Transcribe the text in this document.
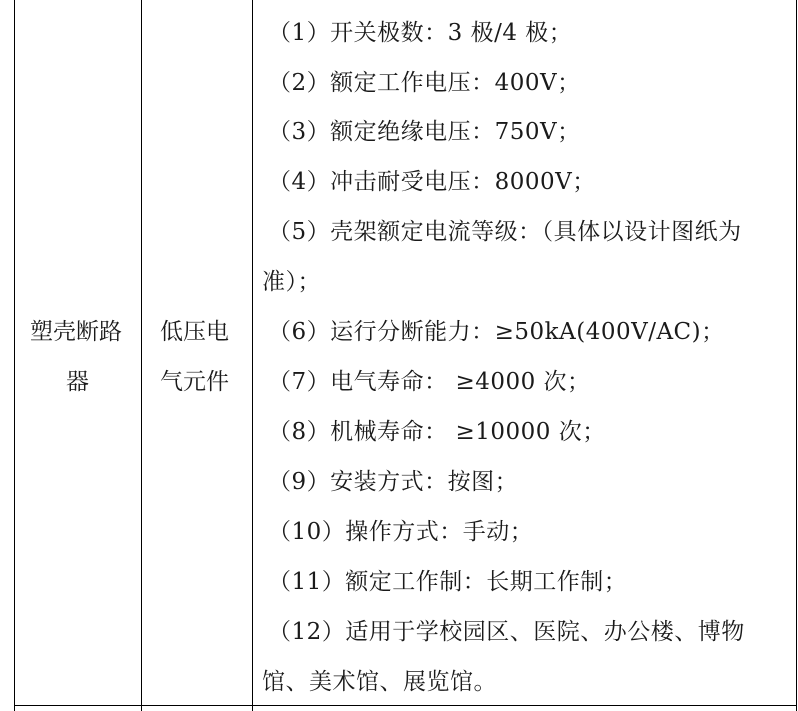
塑壳断路
器
低压电
气元件
（1）开关极数：3 极/4 极；
（2）额定工作电压：400V；
（3）额定绝缘电压：750V；
（4）冲击耐受电压：8000V；
（5）壳架额定电流等级：（具体以设计图纸为
准）；
（6）运行分断能力：≥50kA(400V/AC)；
（7）电气寿命： ≥4000 次；
（8）机械寿命： ≥10000 次；
（9）安装方式：按图；
（10）操作方式：手动；
（11）额定工作制：长期工作制；
（12）适用于学校园区、医院、办公楼、博物
馆、美术馆、展览馆。
